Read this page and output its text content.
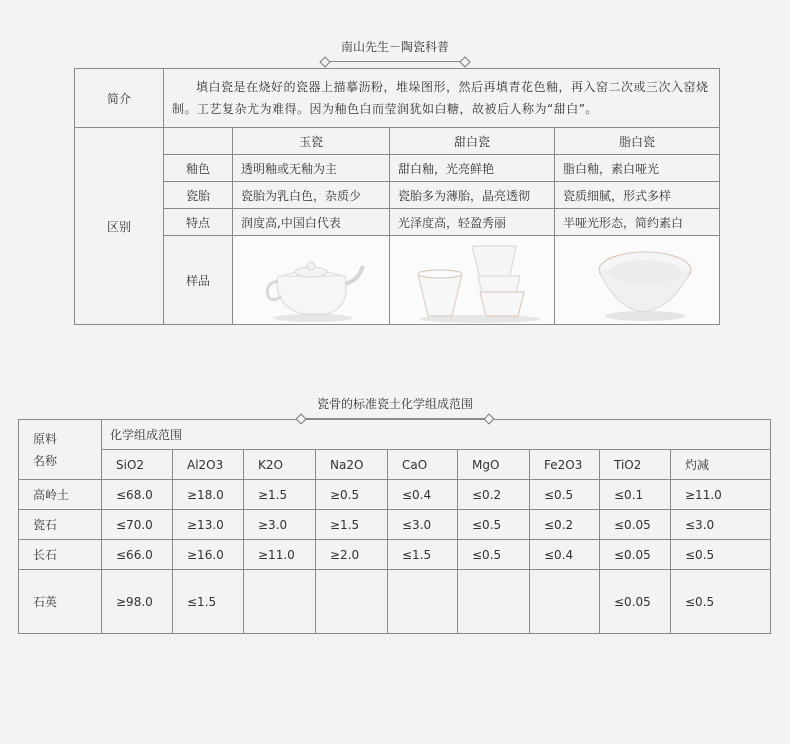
南山先生－陶瓷科普
简介	填白瓷是在烧好的瓷器上描摹沥粉，堆垛图形，然后再填青花色釉，再入窑二次或三次入窑烧制。工艺复杂尤为难得。因为釉色白而莹润犹如白糖，故被后人称为“甜白”。			
区别		玉瓷	甜白瓷	脂白瓷
	釉色	透明釉或无釉为主	甜白釉，光亮鲜艳	脂白釉，素白哑光
	瓷胎	瓷胎为乳白色，杂质少	瓷胎多为薄胎，晶亮透彻	瓷质细腻，形式多样
	特点	润度高,中国白代表	光泽度高，轻盈秀丽	半哑光形态，简约素白
	样品	

瓷骨的标准瓷土化学组成范围
原料
名称	化学组成范围								
	SiO2	Al2O3	K2O	Na2O	CaO	MgO	Fe2O3	TiO2	灼减
高岭土	≤68.0	≥18.0	≥1.5	≥0.5	≤0.4	≤0.2	≤0.5	≤0.1	≥11.0
瓷石	≤70.0	≥13.0	≥3.0	≥1.5	≤3.0	≤0.5	≤0.2	≤0.05	≤3.0
长石	≤66.0	≥16.0	≥11.0	≥2.0	≤1.5	≤0.5	≤0.4	≤0.05	≤0.5
石英	≥98.0	≤1.5						≤0.05	≤0.5
